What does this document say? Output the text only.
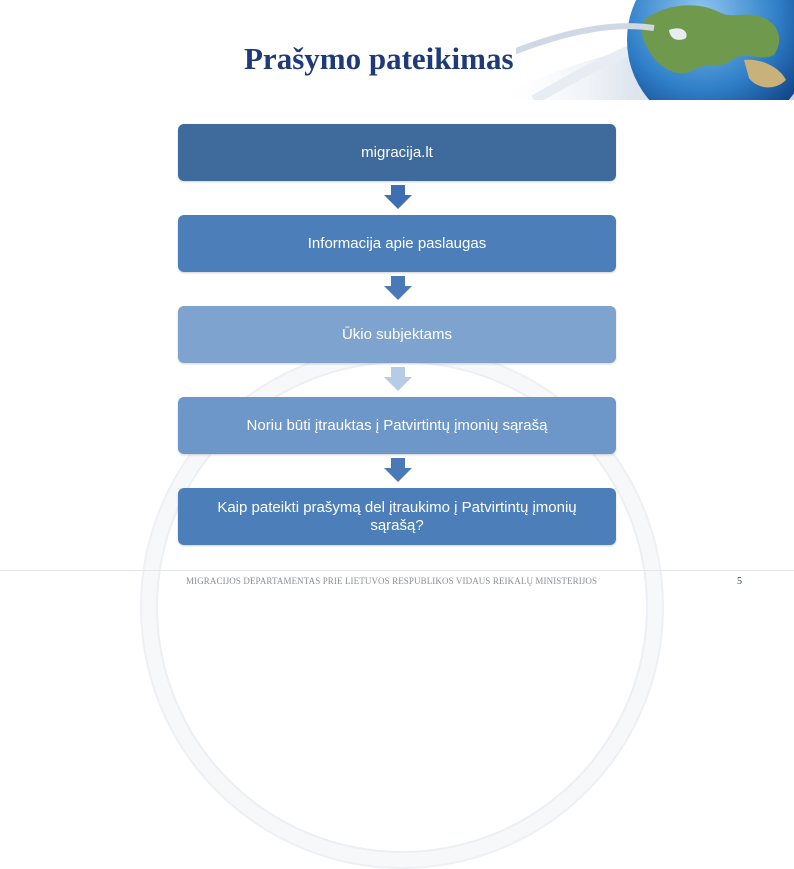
Prašymo pateikimas
migracija.lt
Informacija apie paslaugas
Ūkio subjektams
Noriu būti įtrauktas į Patvirtintų įmonių sąrašą
Kaip pateikti prašymą del įtraukimo į Patvirtintų įmonių sąrašą?
MIGRACIJOS DEPARTAMENTAS PRIE LIETUVOS RESPUBLIKOS VIDAUS REIKALŲ MINISTERIJOS	5
